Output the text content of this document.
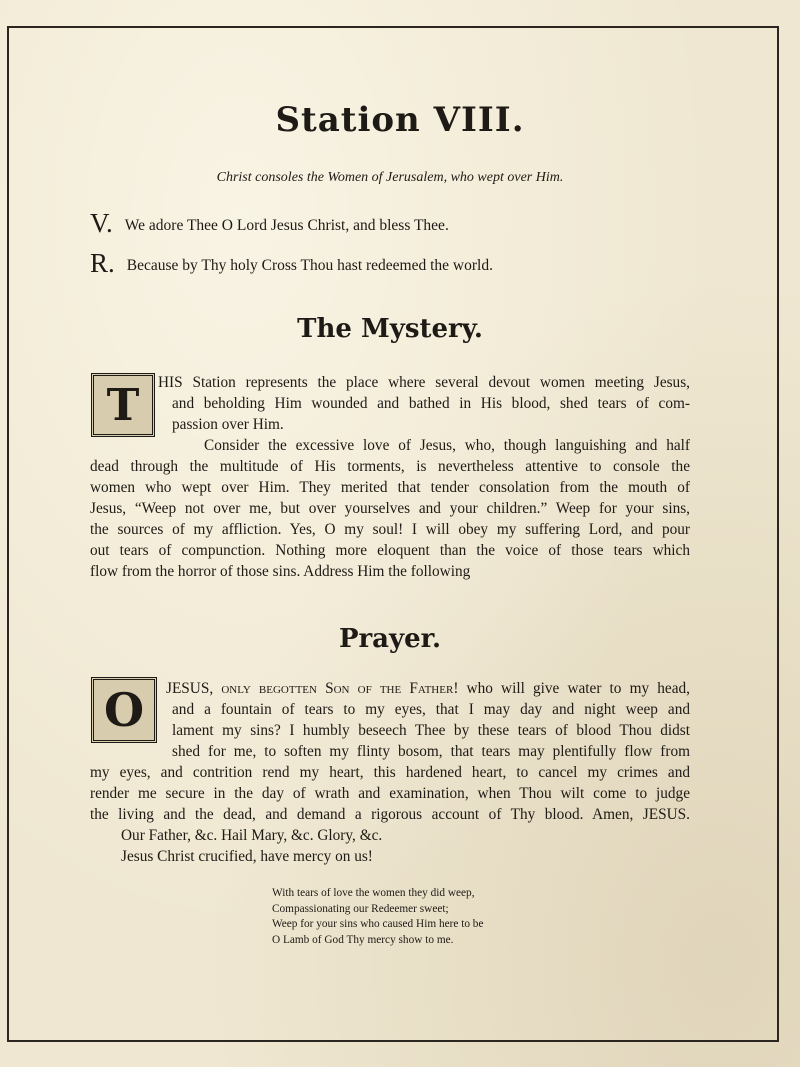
Station VIII.
Christ consoles the Women of Jerusalem, who wept over Him.
V. We adore Thee O Lord Jesus Christ, and bless Thee.
R. Because by Thy holy Cross Thou hast redeemed the world.
The Mystery.
T	HIS Station represents the place where several devout women meeting Jesus,
and beholding Him wounded and bathed in His blood, shed tears of com-
passion over Him.
Consider the excessive love of Jesus, who, though languishing and half
dead through the multitude of His torments, is nevertheless attentive to console the
women who wept over Him. They merited that tender consolation from the mouth of
Jesus, “Weep not over me, but over yourselves and your children.” Weep for your sins,
the sources of my affliction. Yes, O my soul! I will obey my suffering Lord, and pour
out tears of compunction. Nothing more eloquent than the voice of those tears which
flow from the horror of those sins. Address Him the following
Prayer.
O	JESUS, only begotten Son of the Father! who will give water to my head,
and a fountain of tears to my eyes, that I may day and night weep and
lament my sins? I humbly beseech Thee by these tears of blood Thou didst
shed for me, to soften my flinty bosom, that tears may plentifully flow from
my eyes, and contrition rend my heart, this hardened heart, to cancel my crimes and
render me secure in the day of wrath and examination, when Thou wilt come to judge
the living and the dead, and demand a rigorous account of Thy blood. Amen, JESUS.
Our Father, &c. Hail Mary, &c. Glory, &c.
Jesus Christ crucified, have mercy on us!
With tears of love the women they did weep,
Compassionating our Redeemer sweet;
Weep for your sins who caused Him here to be
O Lamb of God Thy mercy show to me.
